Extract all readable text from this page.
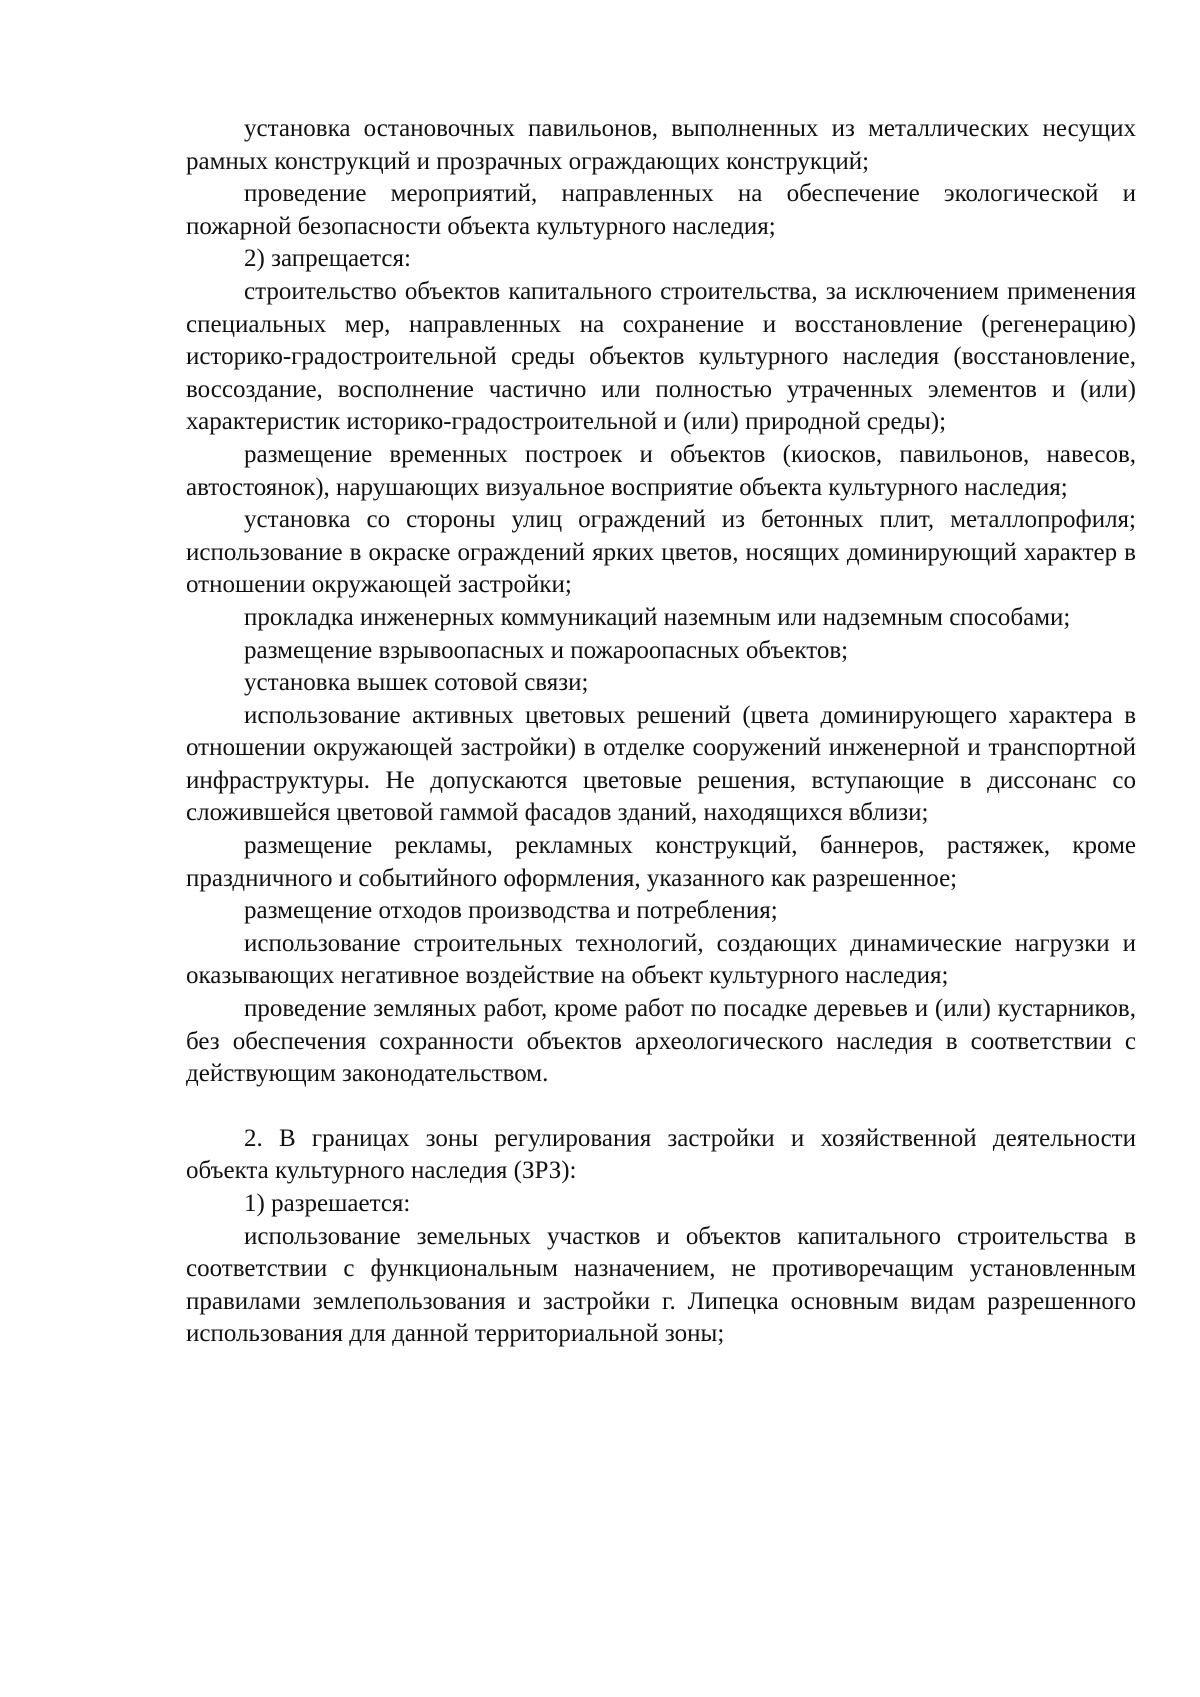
установка остановочных павильонов, выполненных из металлических несущих рамных конструкций и прозрачных ограждающих конструкций;

проведение мероприятий, направленных на обеспечение экологической и пожарной безопасности объекта культурного наследия;

2) запрещается:

строительство объектов капитального строительства, за исключением применения специальных мер, направленных на сохранение и восстановление (регенерацию) историко-градостроительной среды объектов культурного наследия (восстановление, воссоздание, восполнение частично или полностью утраченных элементов и (или) характеристик историко-градостроительной и (или) природной среды);

размещение временных построек и объектов (киосков, павильонов, навесов, автостоянок), нарушающих визуальное восприятие объекта культурного наследия;

установка со стороны улиц ограждений из бетонных плит, металлопрофиля; использование в окраске ограждений ярких цветов, носящих доминирующий характер в отношении окружающей застройки;

прокладка инженерных коммуникаций наземным или надземным способами;

размещение взрывоопасных и пожароопасных объектов;

установка вышек сотовой связи;

использование активных цветовых решений (цвета доминирующего характера в отношении окружающей застройки) в отделке сооружений инженерной и транспортной инфраструктуры. Не допускаются цветовые решения, вступающие в диссонанс со сложившейся цветовой гаммой фасадов зданий, находящихся вблизи;

размещение рекламы, рекламных конструкций, баннеров, растяжек, кроме праздничного и событийного оформления, указанного как разрешенное;

размещение отходов производства и потребления;

использование строительных технологий, создающих динамические нагрузки и оказывающих негативное воздействие на объект культурного наследия;

проведение земляных работ, кроме работ по посадке деревьев и (или) кустарников, без обеспечения сохранности объектов археологического наследия в соответствии с действующим законодательством.

2. В границах зоны регулирования застройки и хозяйственной деятельности объекта культурного наследия (ЗРЗ):

1) разрешается:

использование земельных участков и объектов капитального строительства в соответствии с функциональным назначением, не противоречащим установленным правилами землепользования и застройки г. Липецка основным видам разрешенного использования для данной территориальной зоны;
